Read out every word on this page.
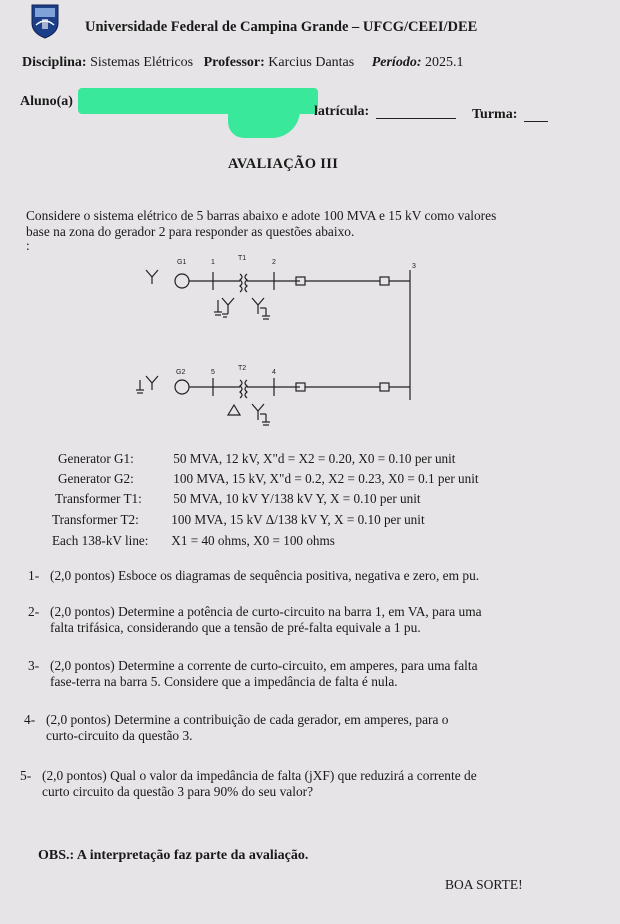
Universidade Federal de Campina Grande – UFCG/CEEI/DEE
Disciplina: Sistemas Elétricos Professor: Karcius Dantas Período: 2025.1
Aluno(a)
latrícula:	Turma:
AVALIAÇÃO III
Considere o sistema elétrico de 5 barras abaixo e adote 100 MVA e 15 kV como valores
base na zona do gerador 2 para responder as questões abaixo.
:
G1	1
T1
2
3
G2	5
T2
4
Generator G1:	50 MVA, 12 kV, X"d = X2 = 0.20, X0 = 0.10 per unit
Generator G2:	100 MVA, 15 kV, X"d = 0.2, X2 = 0.23, X0 = 0.1 per unit
Transformer T1: 50 MVA, 10 kV Y/138 kV Y, X = 0.10 per unit
Transformer T2: 100 MVA, 15 kV Δ/138 kV Y, X = 0.10 per unit
Each 138-kV line: X1 = 40 ohms, X0 = 100 ohms
1- (2,0 pontos) Esboce os diagramas de sequência positiva, negativa e zero, em pu.
2- (2,0 pontos) Determine a potência de curto-circuito na barra 1, em VA, para uma
falta trifásica, considerando que a tensão de pré-falta equivale a 1 pu.
3- (2,0 pontos) Determine a corrente de curto-circuito, em amperes, para uma falta
fase-terra na barra 5. Considere que a impedância de falta é nula.
4- (2,0 pontos) Determine a contribuição de cada gerador, em amperes, para o
curto-circuito da questão 3.
5- (2,0 pontos) Qual o valor da impedância de falta (jXF) que reduzirá a corrente de
curto circuito da questão 3 para 90% do seu valor?
OBS.: A interpretação faz parte da avaliação.
BOA SORTE!
